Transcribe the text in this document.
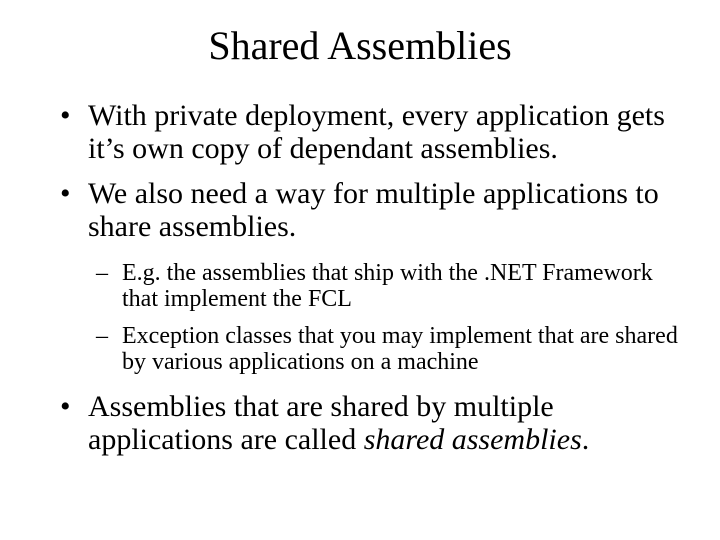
Shared Assemblies
• With private deployment, every application gets it’s own copy of dependant assemblies.
• We also need a way for multiple applications to share assemblies.
– E.g. the assemblies that ship with the .NET Framework that implement the FCL
– Exception classes that you may implement that are shared by various applications on a machine
• Assemblies that are shared by multiple applications are called shared assemblies.
